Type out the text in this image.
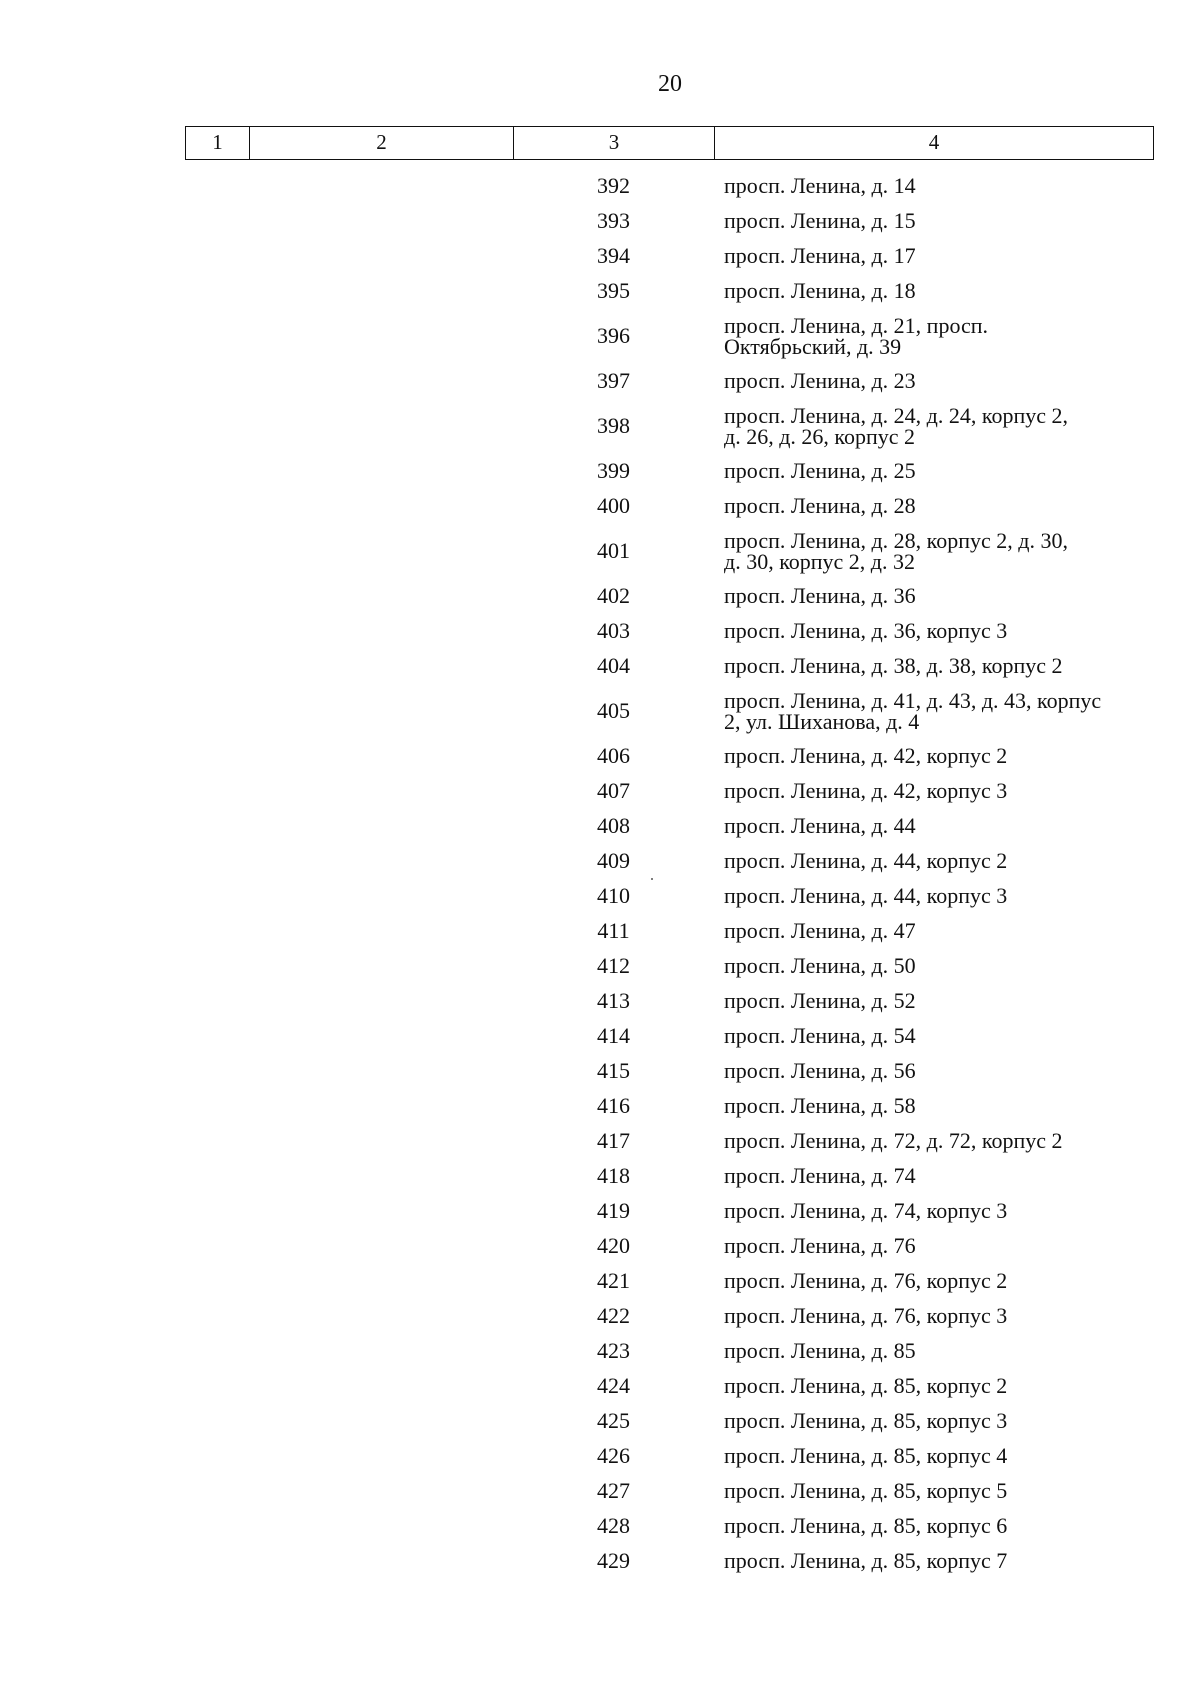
20
1	2	3	4
392	просп. Ленина, д. 14
393	просп. Ленина, д. 15
394	просп. Ленина, д. 17
395	просп. Ленина, д. 18
396	просп. Ленина, д. 21, просп.
Октябрьский, д. 39
397	просп. Ленина, д. 23
398	просп. Ленина, д. 24, д. 24, корпус 2,
д. 26, д. 26, корпус 2
399	просп. Ленина, д. 25
400	просп. Ленина, д. 28
401	просп. Ленина, д. 28, корпус 2, д. 30,
д. 30, корпус 2, д. 32
402	просп. Ленина, д. 36
403	просп. Ленина, д. 36, корпус 3
404	просп. Ленина, д. 38, д. 38, корпус 2
405	просп. Ленина, д. 41, д. 43, д. 43, корпус
2, ул. Шиханова, д. 4
406	просп. Ленина, д. 42, корпус 2
407	просп. Ленина, д. 42, корпус 3
408	просп. Ленина, д. 44
409	просп. Ленина, д. 44, корпус 2
410	просп. Ленина, д. 44, корпус 3
411	просп. Ленина, д. 47
412	просп. Ленина, д. 50
413	просп. Ленина, д. 52
414	просп. Ленина, д. 54
415	просп. Ленина, д. 56
416	просп. Ленина, д. 58
417	просп. Ленина, д. 72, д. 72, корпус 2
418	просп. Ленина, д. 74
419	просп. Ленина, д. 74, корпус 3
420	просп. Ленина, д. 76
421	просп. Ленина, д. 76, корпус 2
422	просп. Ленина, д. 76, корпус 3
423	просп. Ленина, д. 85
424	просп. Ленина, д. 85, корпус 2
425	просп. Ленина, д. 85, корпус 3
426	просп. Ленина, д. 85, корпус 4
427	просп. Ленина, д. 85, корпус 5
428	просп. Ленина, д. 85, корпус 6
429	просп. Ленина, д. 85, корпус 7
